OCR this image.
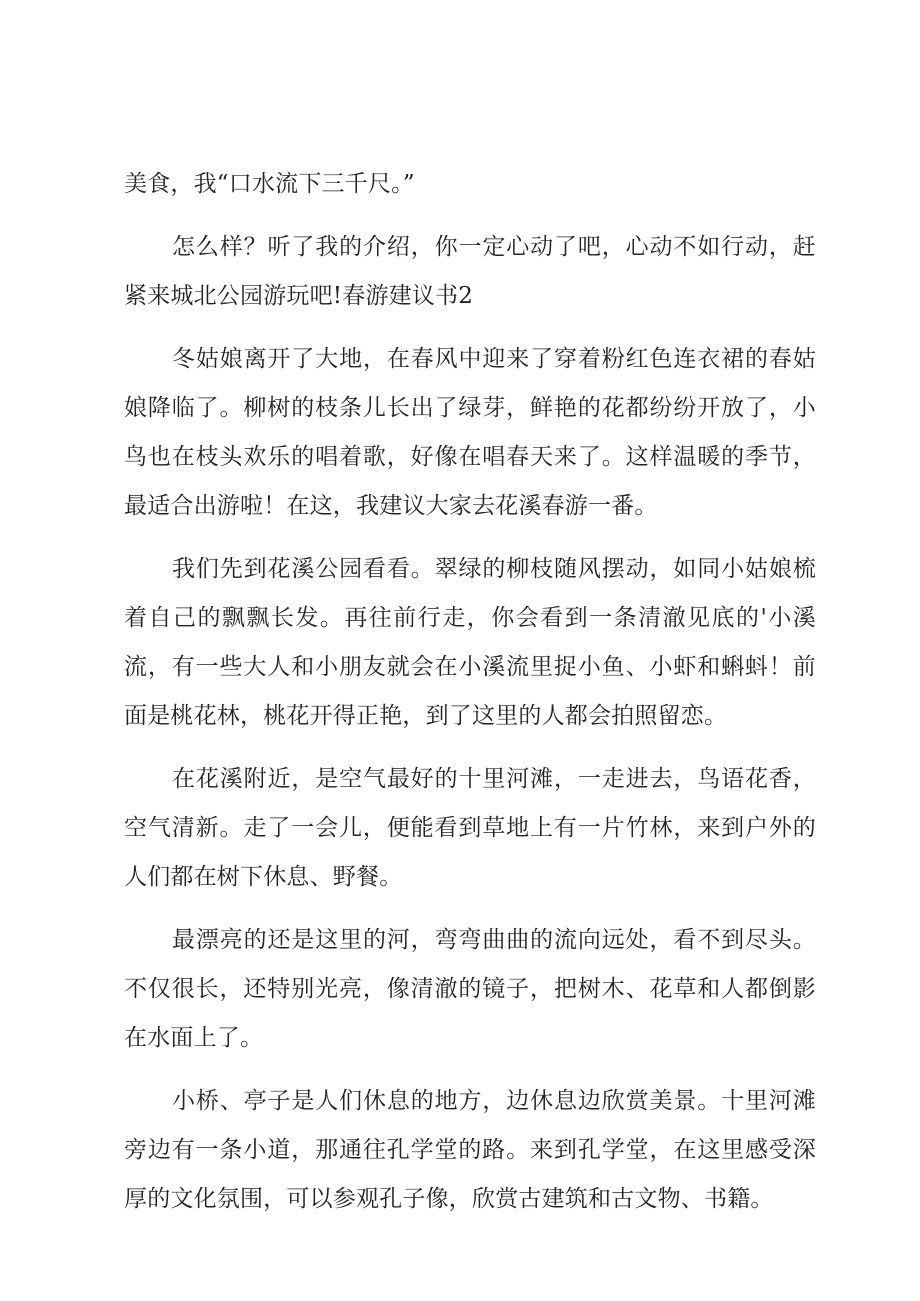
美食，我“口水流下三千尺。”

怎么样？听了我的介绍，你一定心动了吧，心动不如行动，赶紧来城北公园游玩吧!春游建议书2

冬姑娘离开了大地，在春风中迎来了穿着粉红色连衣裙的春姑娘降临了。柳树的枝条儿长出了绿芽，鲜艳的花都纷纷开放了，小鸟也在枝头欢乐的唱着歌，好像在唱春天来了。这样温暖的季节，最适合出游啦！在这，我建议大家去花溪春游一番。

我们先到花溪公园看看。翠绿的柳枝随风摆动，如同小姑娘梳着自己的飘飘长发。再往前行走，你会看到一条清澈见底的'小溪流，有一些大人和小朋友就会在小溪流里捉小鱼、小虾和蝌蚪！前面是桃花林，桃花开得正艳，到了这里的人都会拍照留恋。

在花溪附近，是空气最好的十里河滩，一走进去，鸟语花香，空气清新。走了一会儿，便能看到草地上有一片竹林，来到户外的人们都在树下休息、野餐。

最漂亮的还是这里的河，弯弯曲曲的流向远处，看不到尽头。不仅很长，还特别光亮，像清澈的镜子，把树木、花草和人都倒影在水面上了。

小桥、亭子是人们休息的地方，边休息边欣赏美景。十里河滩旁边有一条小道，那通往孔学堂的路。来到孔学堂，在这里感受深厚的文化氛围，可以参观孔子像，欣赏古建筑和古文物、书籍。
